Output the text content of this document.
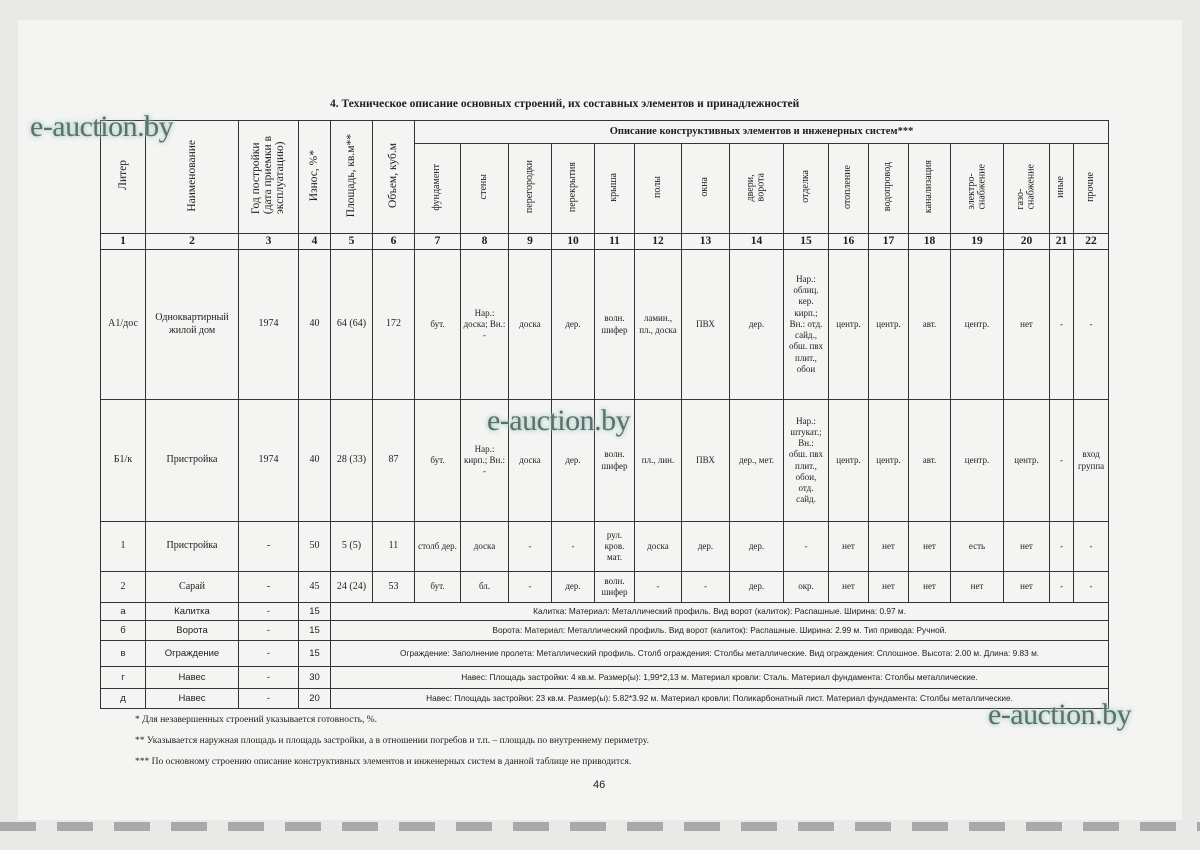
4. Техническое описание основных строений, их составных элементов и принадлежностей
Литер	Наименование	Год постройки
(дата приемки в
эксплуатацию)	Износ, %*	Площадь, кв.м**	Объем, куб.м	Описание конструктивных элементов и инженерных систем***															
						фундамент	стены	перегородки	перекрытия	крыша	полы	окна	двери,
ворота	отделка	отопление	водопровод	канализация	электро-
снабжение	газо-
снабжение	иные	прочие
1	2	3	4	5	6	7	8	9	10	11	12	13	14	15	16	17	18	19	20	21	22
А1/дос	Одноквартирный жилой дом	1974	40	64 (64)	172	бут.	Нар.: доска; Вн.: -	доска	дер.	волн. шифер	ламин., пл., доска	ПВХ	дер.	Нар.: облиц. кер. кирп.; Вн.: отд. сайд., обш. пвх плит., обои	центр.	центр.	авт.	центр.	нет	-	-
Б1/к	Пристройка	1974	40	28 (33)	87	бут.	Нар.: кирп.; Вн.: -	доска	дер.	волн. шифер	пл., лин.	ПВХ	дер., мет.	Нар.: штукат.; Вн.: обш. пвх плит., обои, отд. сайд.	центр.	центр.	авт.	центр.	центр.	-	вход группа
1	Пристройка	-	50	5 (5)	11	столб дер.	доска	-	-	рул. кров. мат.	доска	дер.	дер.	-	нет	нет	нет	есть	нет	-	-
2	Сарай	-	45	24 (24)	53	бут.	бл.	-	дер.	волн. шифер	-	-	дер.	окр.	нет	нет	нет	нет	нет	-	-
а	Калитка	-	15	Калитка: Материал: Металлический профиль. Вид ворот (калиток): Распашные. Ширина: 0.97 м.																	
б	Ворота	-	15	Ворота: Материал: Металлический профиль. Вид ворот (калиток): Распашные. Ширина: 2.99 м. Тип привода: Ручной.																	
в	Ограждение	-	15	Ограждение: Заполнение пролета: Металлический профиль. Столб ограждения: Столбы металлические. Вид ограждения: Сплошное. Высота: 2.00 м. Длина: 9.83 м.																	
г	Навес	-	30	Навес: Площадь застройки: 4 кв.м. Размер(ы): 1,99*2,13 м. Материал кровли: Сталь. Материал фундамента: Столбы металлические.																	
д	Навес	-	20	Навес: Площадь застройки: 23 кв.м. Размер(ы): 5.82*3.92 м. Материал кровли: Поликарбонатный лист. Материал фундамента: Столбы металлические.																	
* Для незавершенных строений указывается готовность, %.
** Указывается наружная площадь и площадь застройки, а в отношении погребов и т.п. – площадь по внутреннему периметру.
*** По основному строению описание конструктивных элементов и инженерных систем в данной таблице не приводится.
46
e-auction.by
e-auction.by
e-auction.by
